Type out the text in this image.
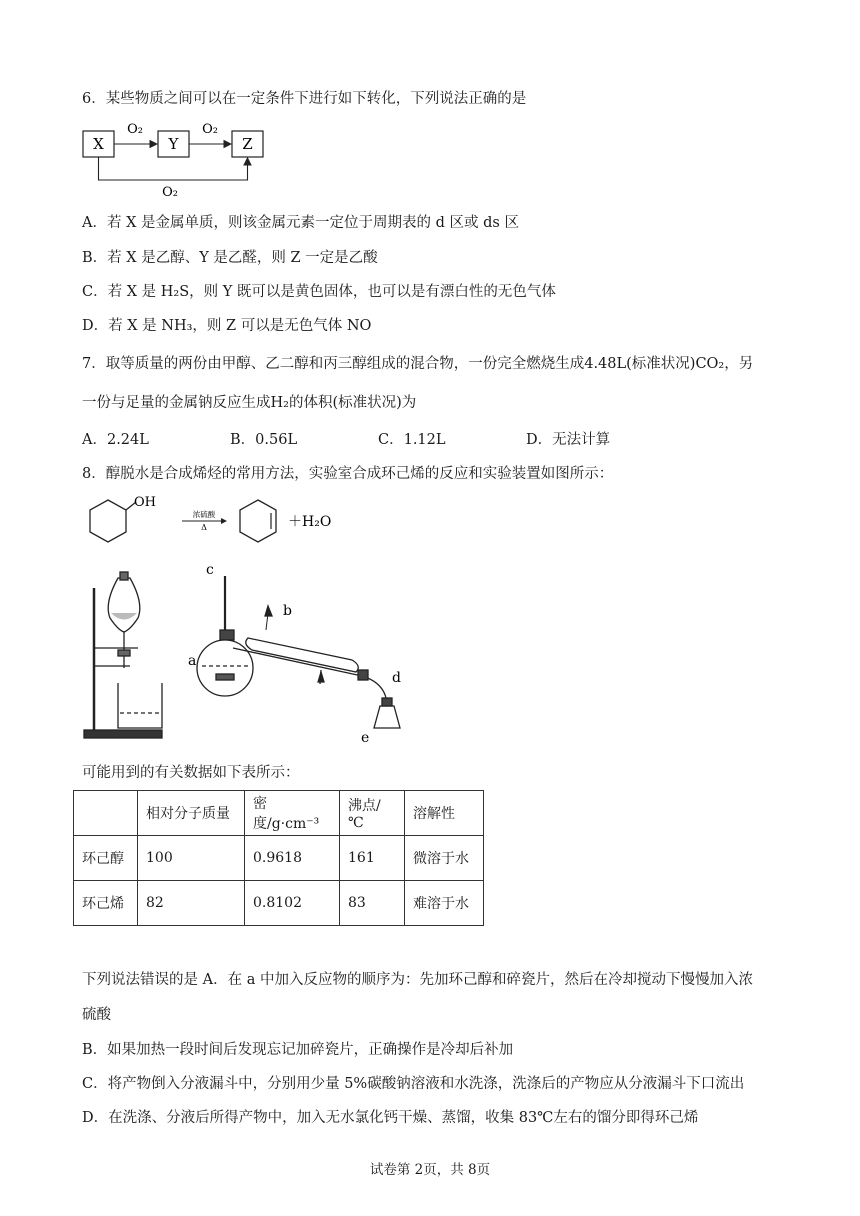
6．某些物质之间可以在一定条件下进行如下转化，下列说法正确的是
X	Y	Z
O₂	O₂
O₂
A．若 X 是金属单质，则该金属元素一定位于周期表的 d 区或 ds 区
B．若 X 是乙醇、Y 是乙醛，则 Z 一定是乙酸
C．若 X 是 H₂S，则 Y 既可以是黄色固体，也可以是有漂白性的无色气体
D．若 X 是 NH₃，则 Z 可以是无色气体 NO
7．取等质量的两份由甲醇、乙二醇和丙三醇组成的混合物，一份完全燃烧生成4.48L(标准状况)CO₂，另
一份与足量的金属钠反应生成H₂的体积(标准状况)为
A．2.24L	B．0.56L	C．1.12L	D．无法计算
8．醇脱水是合成烯烃的常用方法，实验室合成环己烯的反应和实验装置如图所示：
OH
浓硫酸
Δ	＋H₂O
a
b
c
d
e
可能用到的有关数据如下表所示：
	相对分子质量	密度/g·cm⁻³	沸点/℃	溶解性
环己醇	100	0.9618	161	微溶于水
环己烯	82	0.8102	83	难溶于水
下列说法错误的是 A．在 a 中加入反应物的顺序为：先加环己醇和碎瓷片，然后在冷却搅动下慢慢加入浓
硫酸
B．如果加热一段时间后发现忘记加碎瓷片，正确操作是冷却后补加
C．将产物倒入分液漏斗中，分别用少量 5%碳酸钠溶液和水洗涤，洗涤后的产物应从分液漏斗下口流出
D．在洗涤、分液后所得产物中，加入无水氯化钙干燥、蒸馏，收集 83℃左右的馏分即得环己烯
试卷第 2页，共 8页
